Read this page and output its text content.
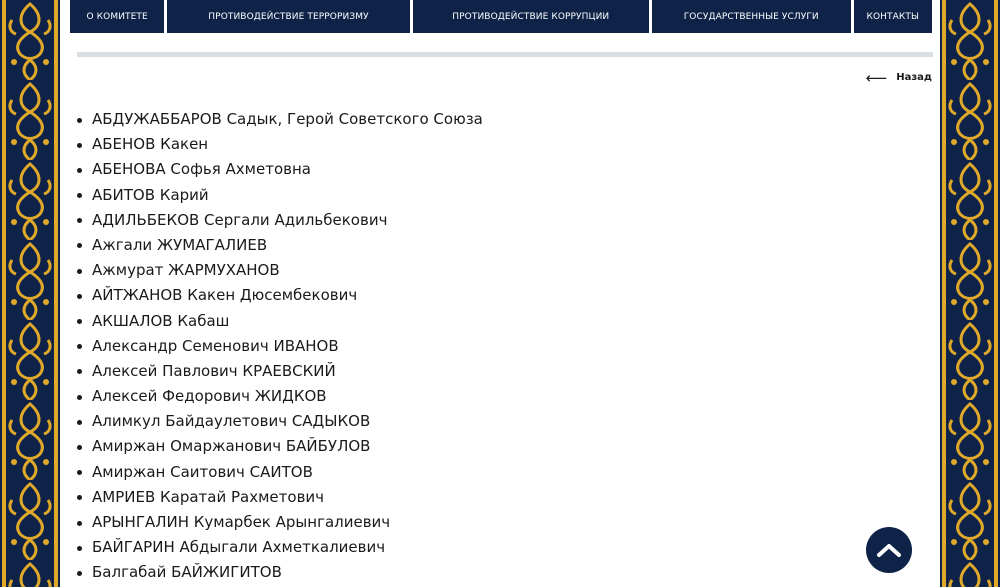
О КОМИТЕТЕ	ПРОТИВОДЕЙСТВИЕ ТЕРРОРИЗМУ	ПРОТИВОДЕЙСТВИЕ КОРРУПЦИИ	ГОСУДАРСТВЕННЫЕ УСЛУГИ	КОНТАКТЫ
⟵ Назад
АБДУЖАББАРОВ Садык, Герой Советского Союза
АБЕНОВ Какен
АБЕНОВА Софья Ахметовна
АБИТОВ Карий
АДИЛЬБЕКОВ Сергали Адильбекович
Ажгали ЖУМАГАЛИЕВ
Ажмурат ЖАРМУХАНОВ
АЙТЖАНОВ Какен Дюсембекович
АКШАЛОВ Кабаш
Александр Семенович ИВАНОВ
Алексей Павлович КРАЕВСКИЙ
Алексей Федорович ЖИДКОВ
Алимкул Байдаулетович САДЫКОВ
Амиржан Омаржанович БАЙБУЛОВ
Амиржан Саитович САИТОВ
АМРИЕВ Каратай Рахметович
АРЫНГАЛИН Кумарбек Арынгалиевич
БАЙГАРИН Абдыгали Ахметкалиевич
Балгабай БАЙЖИГИТОВ
